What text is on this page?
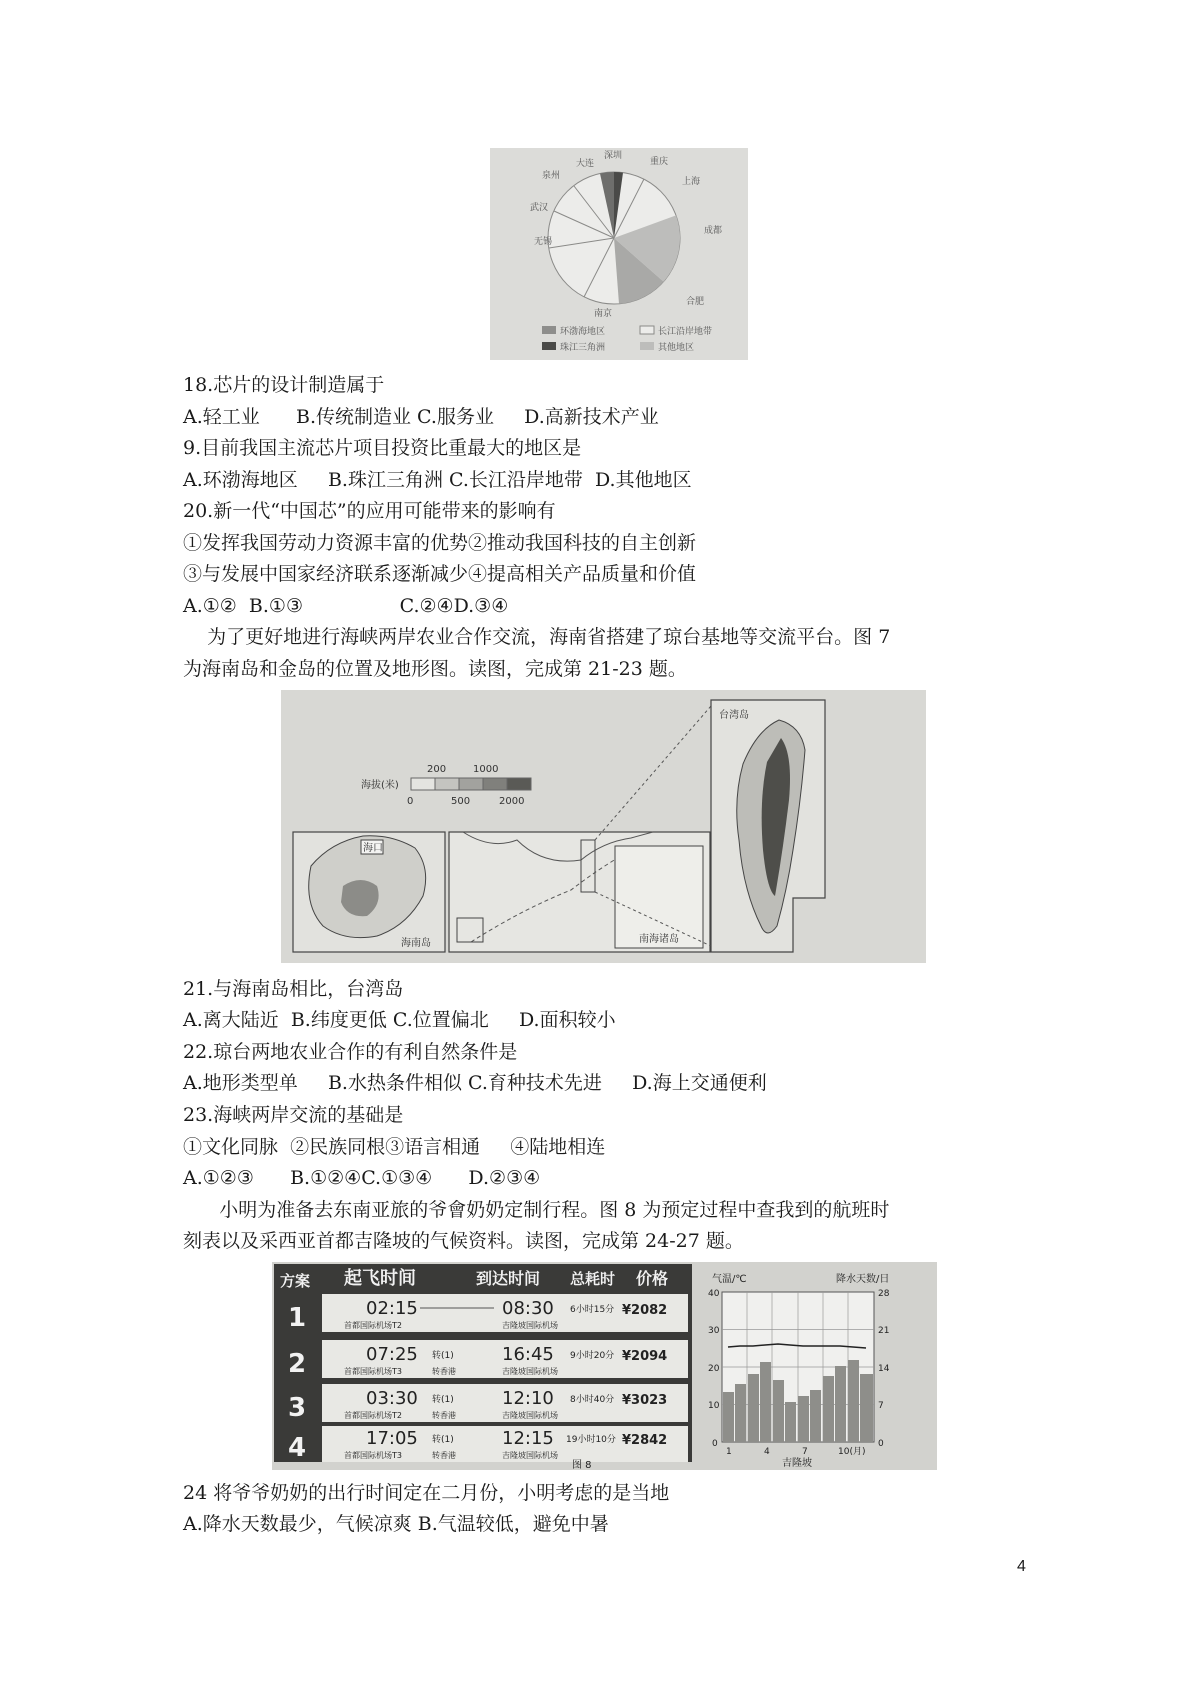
泉州
大连
深圳
重庆
上海
成都
合肥
南京
无锡
武汉
环渤海地区	长江沿岸地带
珠江三角洲	其他地区
18.芯片的设计制造属于
A.轻工业      B.传统制造业 C.服务业     D.高新技术产业
9.目前我国主流芯片项目投资比重最大的地区是
A.环渤海地区     B.珠江三角洲 C.长江沿岸地带  D.其他地区
20.新一代“中国芯”的应用可能带来的影响有
①发挥我国劳动力资源丰富的优势②推动我国科技的自主创新
③与发展中国家经济联系逐渐减少④提高相关产品质量和价值
A.①②  B.①③                C.②④D.③④
为了更好地进行海峡两岸农业合作交流，海南省搭建了琼台基地等交流平台。图 7
为海南岛和金岛的位置及地形图。读图，完成第 21-23 题。
海拔(米)
200	1000
0	500	2000
海口
海南岛	南海诸岛
台湾岛
21.与海南岛相比，台湾岛
A.离大陆近  B.纬度更低 C.位置偏北     D.面积较小
22.琼台两地农业合作的有利自然条件是
A.地形类型单     B.水热条件相似 C.育种技术先进     D.海上交通便利
23.海峡两岸交流的基础是
①文化同脉  ②民族同根③语言相通     ④陆地相连
A.①②③      B.①②④C.①③④      D.②③④
小明为准备去东南亚旅的爷會奶奶定制行程。图 8 为预定过程中查我到的航班时
刻表以及采西亚首都吉隆坡的气候资料。读图，完成第 24-27 题。
方案 起飞时间	到达时间 总耗时 价格
1	02:15	08:30 6小时15分 ¥2082
首都国际机场T2	吉隆坡国际机场
2	07:25 转(1)	16:45 9小时20分 ¥2094
首都国际机场T3	转香港	吉隆坡国际机场
3	03:30 转(1)	12:10 8小时40分 ¥3023
首都国际机场T2	转香港	吉隆坡国际机场
4	17:05 转(1)	12:15 19小时10分 ¥2842
首都国际机场T3	转香港	吉隆坡国际机场
图 8
气温/℃	降水天数/日
40
30
20
10
0
28
21
14
7
0
1	4	7	10(月)
吉隆坡
24 将爷爷奶奶的出行时间定在二月份，小明考虑的是当地
A.降水天数最少，气候凉爽 B.气温较低，避免中暑
4
